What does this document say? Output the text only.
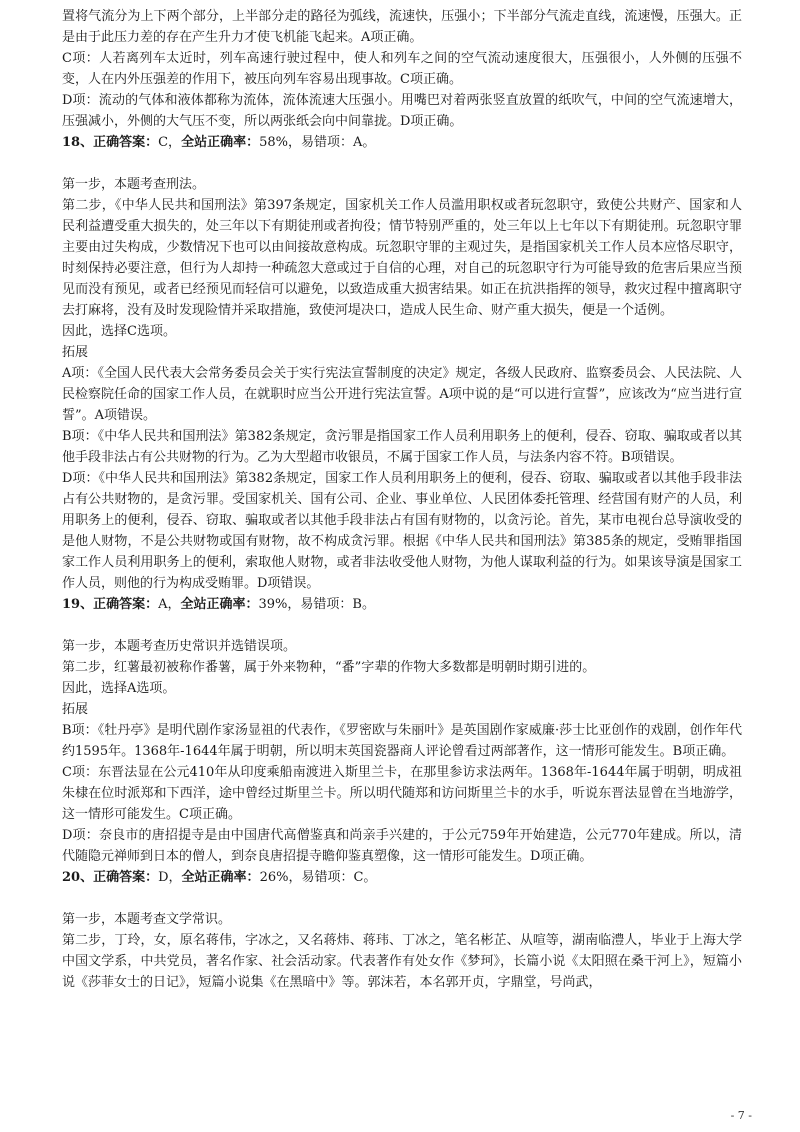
置将气流分为上下两个部分，上半部分走的路径为弧线，流速快，压强小；下半部分气流走直线，流速慢，压强大。正是由于此压力差的存在产生升力才使飞机能飞起来。A项正确。

C项：人若离列车太近时，列车高速行驶过程中，使人和列车之间的空气流动速度很大，压强很小，人外侧的压强不变，人在内外压强差的作用下，被压向列车容易出现事故。C项正确。

D项：流动的气体和液体都称为流体，流体流速大压强小。用嘴巴对着两张竖直放置的纸吹气，中间的空气流速增大，压强减小，外侧的大气压不变，所以两张纸会向中间靠拢。D项正确。

18、正确答案：C，全站正确率：58%，易错项：A。

第一步，本题考查刑法。

第二步，《中华人民共和国刑法》第397条规定，国家机关工作人员滥用职权或者玩忽职守，致使公共财产、国家和人民利益遭受重大损失的，处三年以下有期徒刑或者拘役；情节特别严重的，处三年以上七年以下有期徒刑。玩忽职守罪主要由过失构成，少数情况下也可以由间接故意构成。玩忽职守罪的主观过失，是指国家机关工作人员本应恪尽职守，时刻保持必要注意，但行为人却持一种疏忽大意或过于自信的心理，对自己的玩忽职守行为可能导致的危害后果应当预见而没有预见，或者已经预见而轻信可以避免，以致造成重大损害结果。如正在抗洪指挥的领导，救灾过程中擅离职守去打麻将，没有及时发现险情并采取措施，致使河堤决口，造成人民生命、财产重大损失，便是一个适例。

因此，选择C选项。

拓展

A项：《全国人民代表大会常务委员会关于实行宪法宣誓制度的决定》规定，各级人民政府、监察委员会、人民法院、人民检察院任命的国家工作人员，在就职时应当公开进行宪法宣誓。A项中说的是“可以进行宣誓”，应该改为“应当进行宣誓”。A项错误。

B项：《中华人民共和国刑法》第382条规定，贪污罪是指国家工作人员利用职务上的便利，侵吞、窃取、骗取或者以其他手段非法占有公共财物的行为。乙为大型超市收银员，不属于国家工作人员，与法条内容不符。B项错误。

D项：《中华人民共和国刑法》第382条规定，国家工作人员利用职务上的便利，侵吞、窃取、骗取或者以其他手段非法占有公共财物的，是贪污罪。受国家机关、国有公司、企业、事业单位、人民团体委托管理、经营国有财产的人员，利用职务上的便利，侵吞、窃取、骗取或者以其他手段非法占有国有财物的，以贪污论。首先，某市电视台总导演收受的是他人财物，不是公共财物或国有财物，故不构成贪污罪。根据《中华人民共和国刑法》第385条的规定，受贿罪指国家工作人员利用职务上的便利，索取他人财物，或者非法收受他人财物，为他人谋取利益的行为。如果该导演是国家工作人员，则他的行为构成受贿罪。D项错误。

19、正确答案：A，全站正确率：39%，易错项：B。

第一步，本题考查历史常识并选错误项。

第二步，红薯最初被称作番薯，属于外来物种，“番”字辈的作物大多数都是明朝时期引进的。

因此，选择A选项。

拓展

B项：《牡丹亭》是明代剧作家汤显祖的代表作，《罗密欧与朱丽叶》是英国剧作家威廉·莎士比亚创作的戏剧，创作年代约1595年。1368年-1644年属于明朝，所以明末英国瓷器商人评论曾看过两部著作，这一情形可能发生。B项正确。

C项：东晋法显在公元410年从印度乘船南渡进入斯里兰卡，在那里参访求法两年。1368年-1644年属于明朝，明成祖朱棣在位时派郑和下西洋，途中曾经过斯里兰卡。所以明代随郑和访问斯里兰卡的水手，听说东晋法显曾在当地游学，这一情形可能发生。C项正确。

D项：奈良市的唐招提寺是由中国唐代高僧鉴真和尚亲手兴建的，于公元759年开始建造，公元770年建成。所以，清代随隐元禅师到日本的僧人，到奈良唐招提寺瞻仰鉴真塑像，这一情形可能发生。D项正确。

20、正确答案：D，全站正确率：26%，易错项：C。

第一步，本题考查文学常识。

第二步，丁玲，女，原名蒋伟，字冰之，又名蒋炜、蒋玮、丁冰之，笔名彬芷、从喧等，湖南临澧人，毕业于上海大学中国文学系，中共党员，著名作家、社会活动家。代表著作有处女作《梦珂》，长篇小说《太阳照在桑干河上》，短篇小说《莎菲女士的日记》，短篇小说集《在黑暗中》等。郭沫若，本名郭开贞，字鼎堂，号尚武，

- 7 -
